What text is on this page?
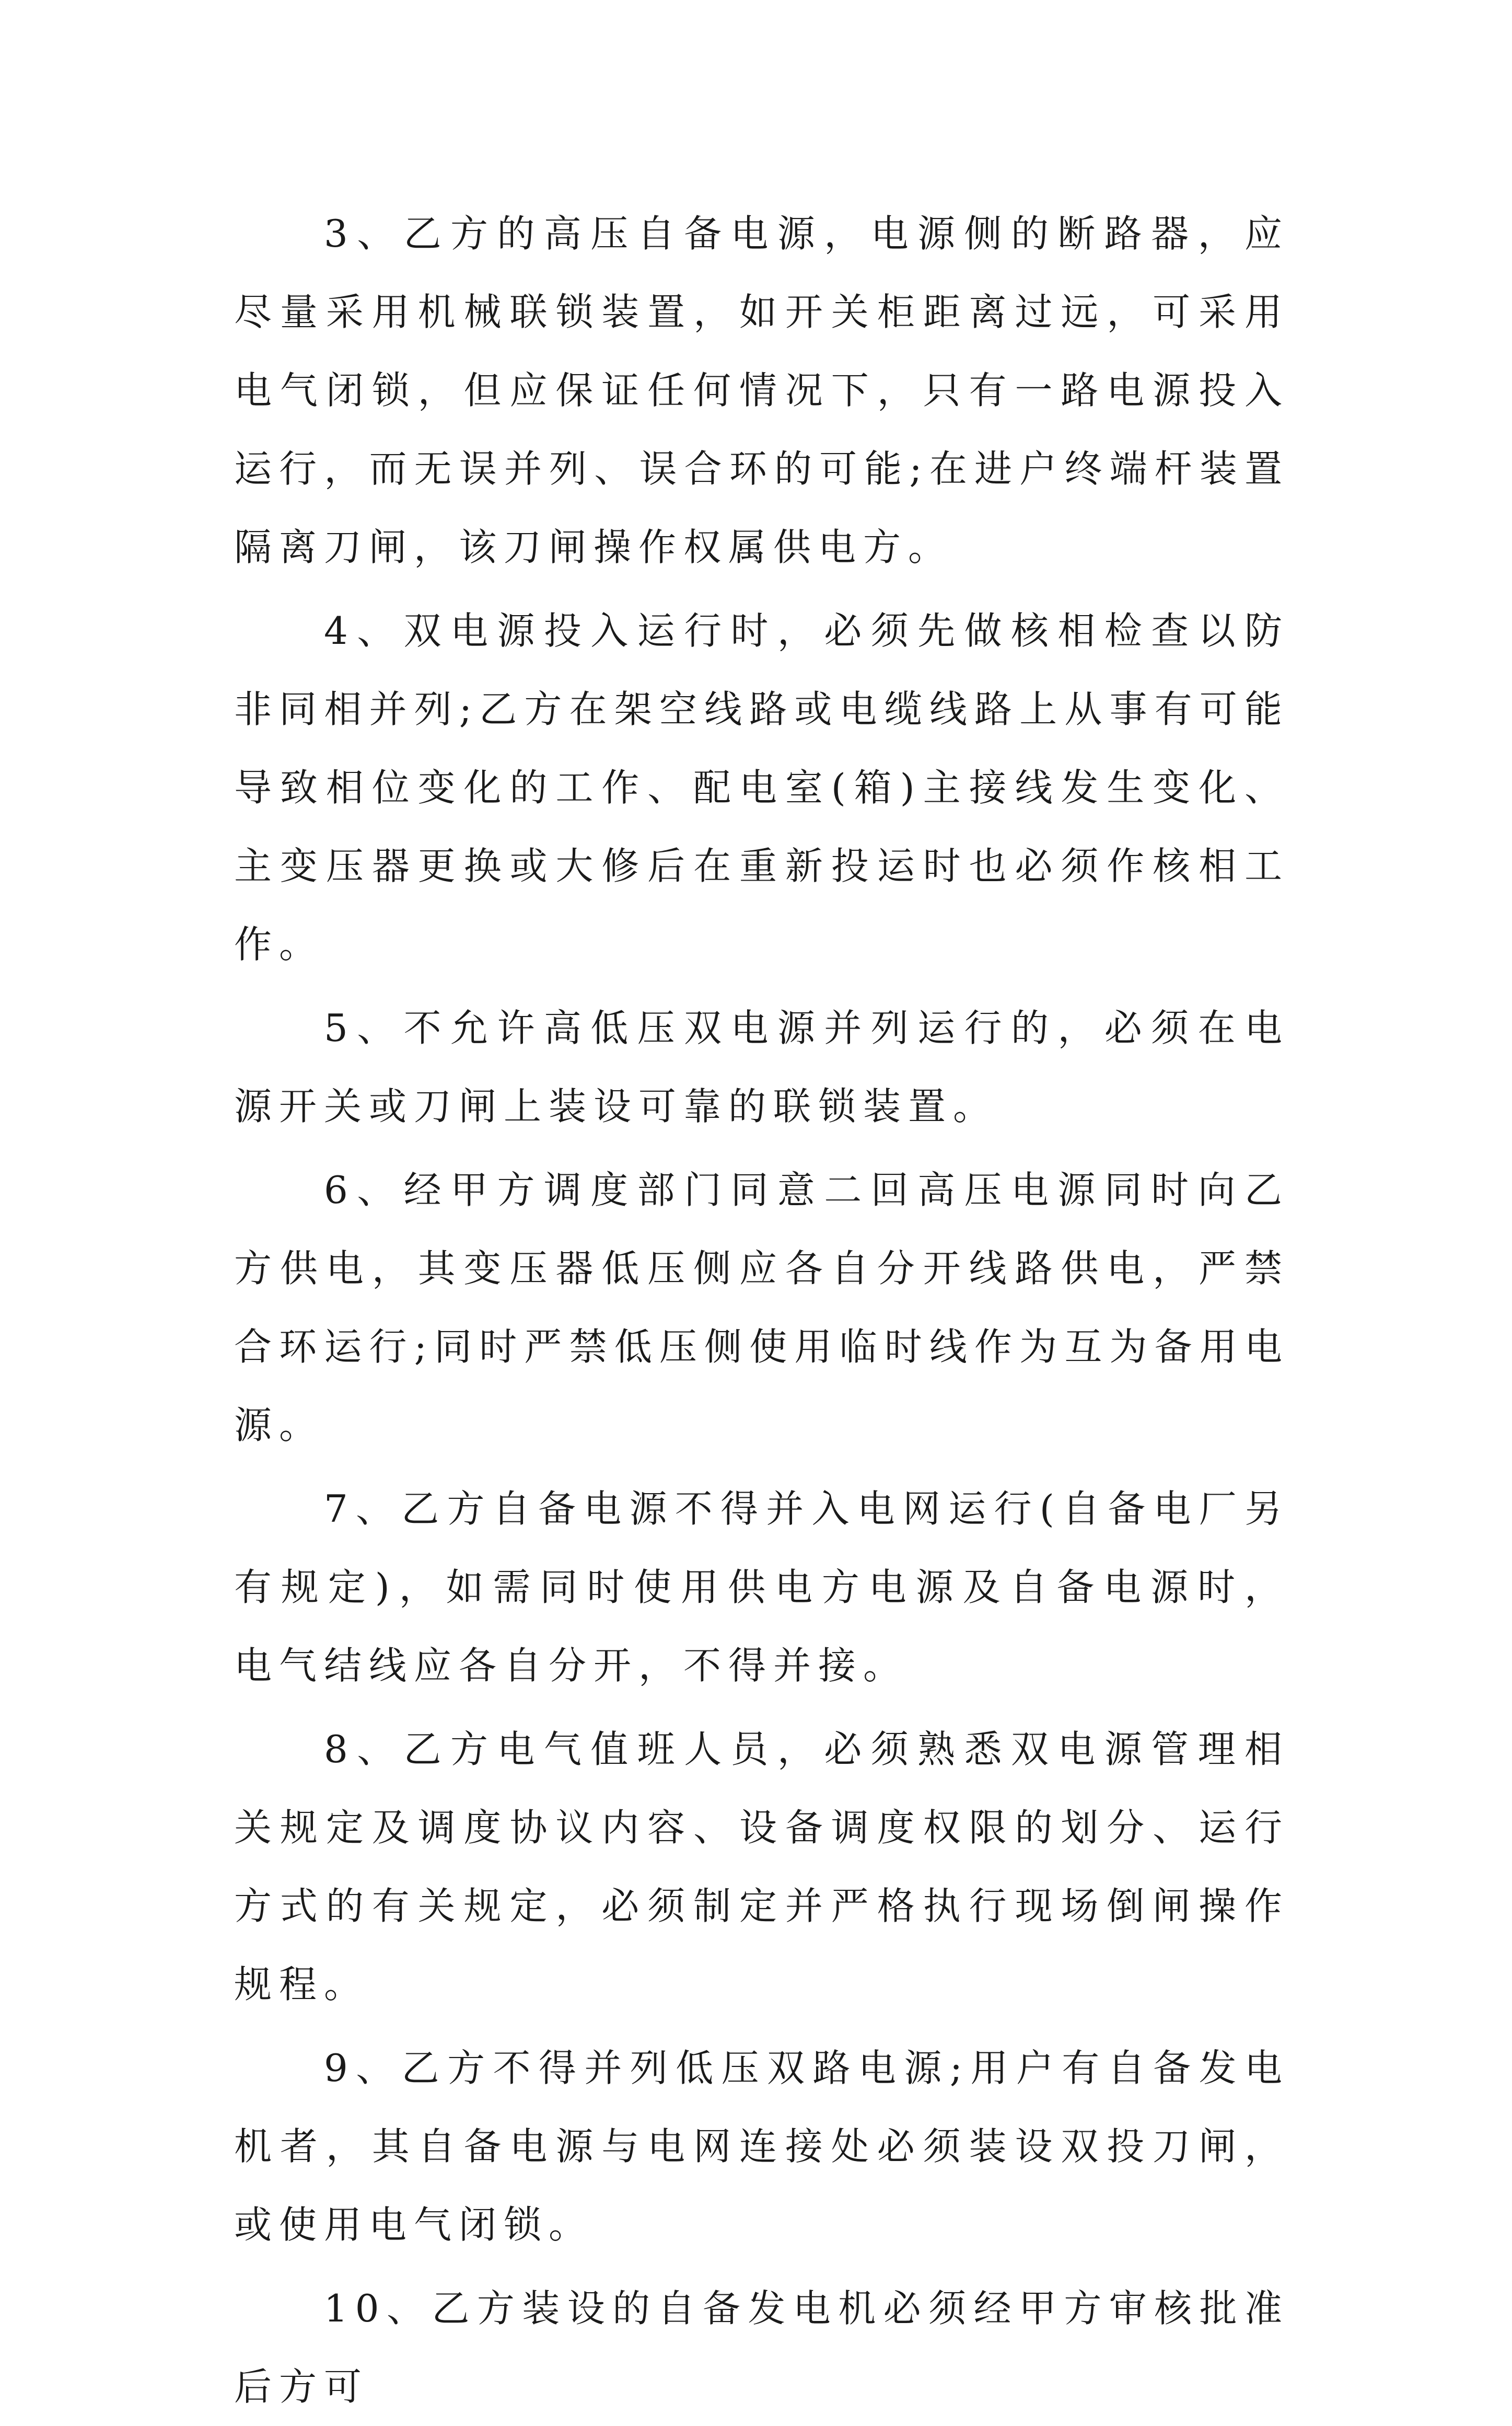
3、乙方的高压自备电源，电源侧的断路器，应尽量采用机械联锁装置，如开关柜距离过远，可采用电气闭锁，但应保证任何情况下，只有一路电源投入运行，而无误并列、误合环的可能;在进户终端杆装置隔离刀闸，该刀闸操作权属供电方。

4、双电源投入运行时，必须先做核相检查以防非同相并列;乙方在架空线路或电缆线路上从事有可能导致相位变化的工作、配电室(箱)主接线发生变化、主变压器更换或大修后在重新投运时也必须作核相工作。

5、不允许高低压双电源并列运行的，必须在电源开关或刀闸上装设可靠的联锁装置。

6、经甲方调度部门同意二回高压电源同时向乙方供电，其变压器低压侧应各自分开线路供电，严禁合环运行;同时严禁低压侧使用临时线作为互为备用电源。

7、乙方自备电源不得并入电网运行(自备电厂另有规定)，如需同时使用供电方电源及自备电源时，电气结线应各自分开，不得并接。

8、乙方电气值班人员，必须熟悉双电源管理相关规定及调度协议内容、设备调度权限的划分、运行方式的有关规定，必须制定并严格执行现场倒闸操作规程。

9、乙方不得并列低压双路电源;用户有自备发电机者，其自备电源与电网连接处必须装设双投刀闸，或使用电气闭锁。

10、乙方装设的自备发电机必须经甲方审核批准后方可
